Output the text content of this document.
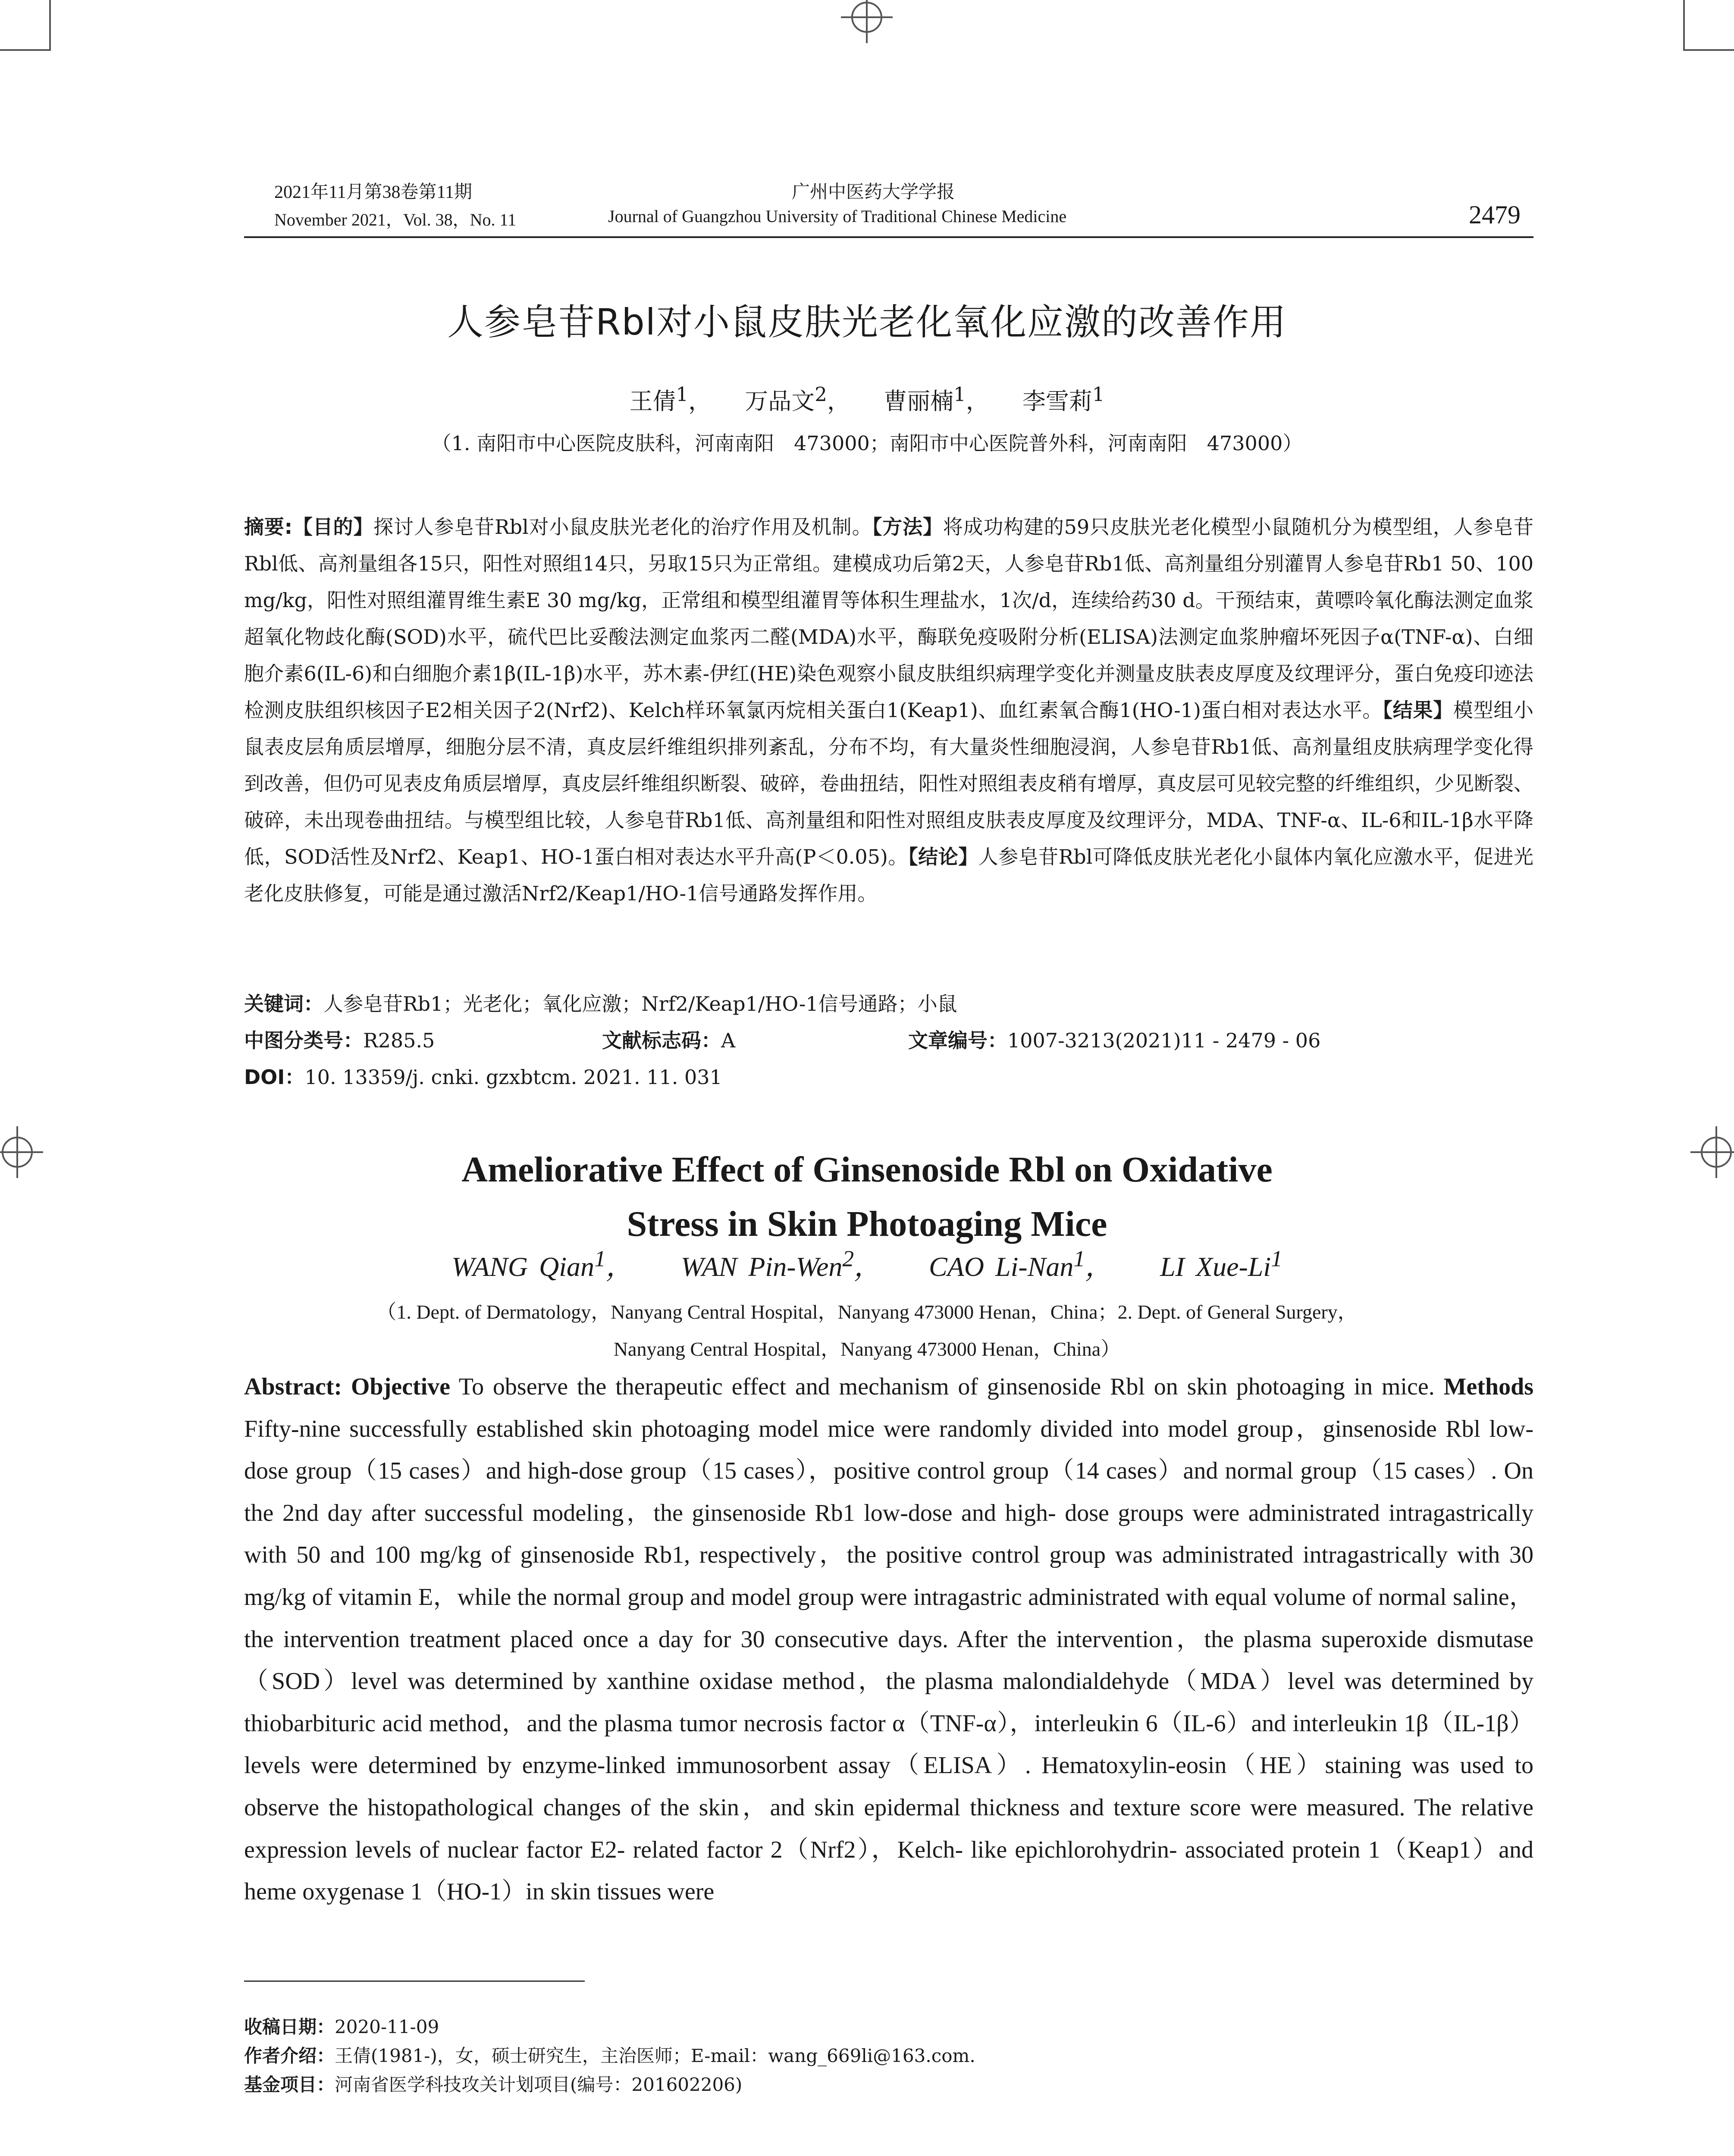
2021年11月第38卷第11期
November 2021，Vol. 38，No. 11
广州中医药大学学报
Journal of Guangzhou University of Traditional Chinese Medicine	2479
人参皂苷Rbl对小鼠皮肤光老化氧化应激的改善作用
王倩$^1$， 万品文$^2$， 曹丽楠$^1$， 李雪莉$^1$
（1. 南阳市中心医院皮肤科，河南南阳　473000；南阳市中心医院普外科，河南南阳　473000）
摘要:【目的】探讨人参皂苷Rbl对小鼠皮肤光老化的治疗作用及机制。【方法】将成功构建的59只皮肤光老化模型小鼠随机分为模型组，人参皂苷Rbl低、高剂量组各15只，阳性对照组14只，另取15只为正常组。建模成功后第2天，人参皂苷Rb1低、高剂量组分别灌胃人参皂苷Rb1 50、100 mg/kg，阳性对照组灌胃维生素E 30 mg/kg，正常组和模型组灌胃等体积生理盐水，1次/d，连续给药30 d。干预结束，黄嘌呤氧化酶法测定血浆超氧化物歧化酶(SOD)水平，硫代巴比妥酸法测定血浆丙二醛(MDA)水平，酶联免疫吸附分析(ELISA)法测定血浆肿瘤坏死因子α(TNF-α)、白细胞介素6(IL-6)和白细胞介素1β(IL-1β)水平，苏木素-伊红(HE)染色观察小鼠皮肤组织病理学变化并测量皮肤表皮厚度及纹理评分，蛋白免疫印迹法检测皮肤组织核因子E2相关因子2(Nrf2)、Kelch样环氧氯丙烷相关蛋白1(Keap1)、血红素氧合酶1(HO-1)蛋白相对表达水平。【结果】模型组小鼠表皮层角质层增厚，细胞分层不清，真皮层纤维组织排列紊乱，分布不均，有大量炎性细胞浸润，人参皂苷Rb1低、高剂量组皮肤病理学变化得到改善，但仍可见表皮角质层增厚，真皮层纤维组织断裂、破碎，卷曲扭结，阳性对照组表皮稍有增厚，真皮层可见较完整的纤维组织，少见断裂、破碎，未出现卷曲扭结。与模型组比较，人参皂苷Rb1低、高剂量组和阳性对照组皮肤表皮厚度及纹理评分，MDA、TNF-α、IL-6和IL-1β水平降低，SOD活性及Nrf2、Keap1、HO-1蛋白相对表达水平升高(P＜0.05)。【结论】人参皂苷Rbl可降低皮肤光老化小鼠体内氧化应激水平，促进光老化皮肤修复，可能是通过激活Nrf2/Keap1/HO-1信号通路发挥作用。
关键词：人参皂苷Rb1；光老化；氧化应激；Nrf2/Keap1/HO-1信号通路；小鼠
中图分类号：R285.5	文献标志码：A	文章编号：1007-3213(2021)11 - 2479 - 06
DOI：10. 13359/j. cnki. gzxbtcm. 2021. 11. 031
Ameliorative Effect of Ginsenoside Rbl on Oxidative
Stress in Skin Photoaging Mice
WANG Qian$^1$， WAN Pin-Wen$^2$， CAO Li-Nan$^1$， LI Xue-Li$^1$
（1. Dept. of Dermatology，Nanyang Central Hospital，Nanyang 473000 Henan，China；2. Dept. of General Surgery，
Nanyang Central Hospital，Nanyang 473000 Henan，China）
Abstract: Objective To observe the therapeutic effect and mechanism of ginsenoside Rbl on skin photoaging in mice. Methods Fifty-nine successfully established skin photoaging model mice were randomly divided into model group，ginsenoside Rbl low-dose group（15 cases）and high-dose group（15 cases），positive control group（14 cases）and normal group（15 cases）. On the 2nd day after successful modeling，the ginsenoside Rb1 low-dose and high- dose groups were administrated intragastrically with 50 and 100 mg/kg of ginsenoside Rb1, respectively，the positive control group was administrated intragastrically with 30 mg/kg of vitamin E，while the normal group and model group were intragastric administrated with equal volume of normal saline，the intervention treatment placed once a day for 30 consecutive days. After the intervention，the plasma superoxide dismutase（SOD）level was determined by xanthine oxidase method，the plasma malondialdehyde（MDA）level was determined by thiobarbituric acid method，and the plasma tumor necrosis factor α（TNF-α），interleukin 6（IL-6）and interleukin 1β（IL-1β）levels were determined by enzyme-linked immunosorbent assay（ELISA）. Hematoxylin-eosin（HE）staining was used to observe the histopathological changes of the skin，and skin epidermal thickness and texture score were measured. The relative expression levels of nuclear factor E2- related factor 2（Nrf2），Kelch- like epichlorohydrin- associated protein 1（Keap1）and heme oxygenase 1（HO-1）in skin tissues were
收稿日期：2020-11-09
作者介绍：王倩(1981-)，女，硕士研究生，主治医师；E-mail：wang_669li@163.com.
基金项目：河南省医学科技攻关计划项目(编号：201602206)
